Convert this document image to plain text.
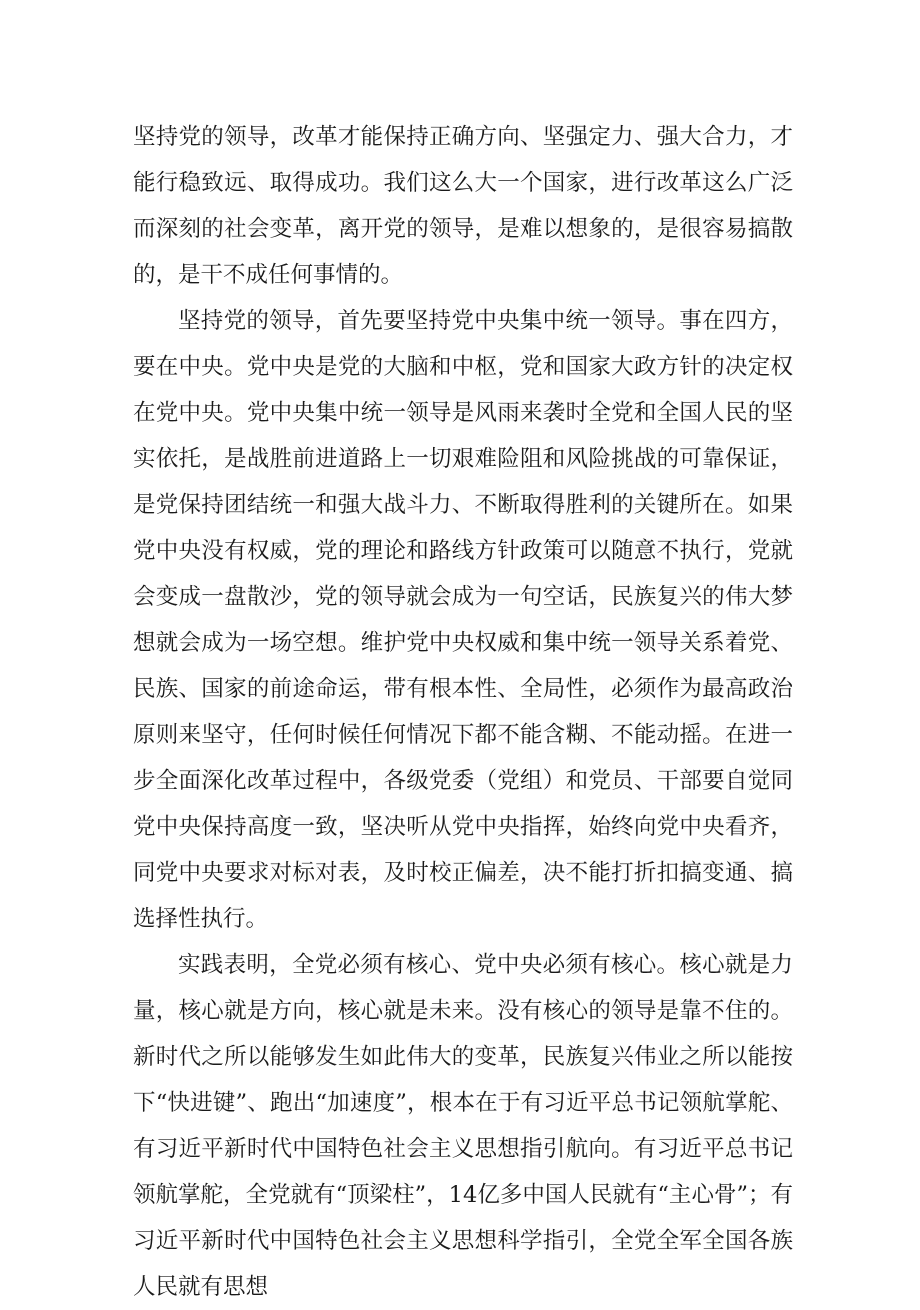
坚持党的领导，改革才能保持正确方向、坚强定力、强大合力，才能行稳致远、取得成功。我们这么大一个国家，进行改革这么广泛而深刻的社会变革，离开党的领导，是难以想象的，是很容易搞散的，是干不成任何事情的。

坚持党的领导，首先要坚持党中央集中统一领导。事在四方，要在中央。党中央是党的大脑和中枢，党和国家大政方针的决定权在党中央。党中央集中统一领导是风雨来袭时全党和全国人民的坚实依托，是战胜前进道路上一切艰难险阻和风险挑战的可靠保证，是党保持团结统一和强大战斗力、不断取得胜利的关键所在。如果党中央没有权威，党的理论和路线方针政策可以随意不执行，党就会变成一盘散沙，党的领导就会成为一句空话，民族复兴的伟大梦想就会成为一场空想。维护党中央权威和集中统一领导关系着党、民族、国家的前途命运，带有根本性、全局性，必须作为最高政治原则来坚守，任何时候任何情况下都不能含糊、不能动摇。在进一步全面深化改革过程中，各级党委（党组）和党员、干部要自觉同党中央保持高度一致，坚决听从党中央指挥，始终向党中央看齐，同党中央要求对标对表，及时校正偏差，决不能打折扣搞变通、搞选择性执行。

实践表明，全党必须有核心、党中央必须有核心。核心就是力量，核心就是方向，核心就是未来。没有核心的领导是靠不住的。新时代之所以能够发生如此伟大的变革，民族复兴伟业之所以能按下“快进键”、跑出“加速度”，根本在于有习近平总书记领航掌舵、有习近平新时代中国特色社会主义思想指引航向。有习近平总书记领航掌舵，全党就有“顶梁柱”，14亿多中国人民就有“主心骨”；有习近平新时代中国特色社会主义思想科学指引，全党全军全国各族人民就有思想
